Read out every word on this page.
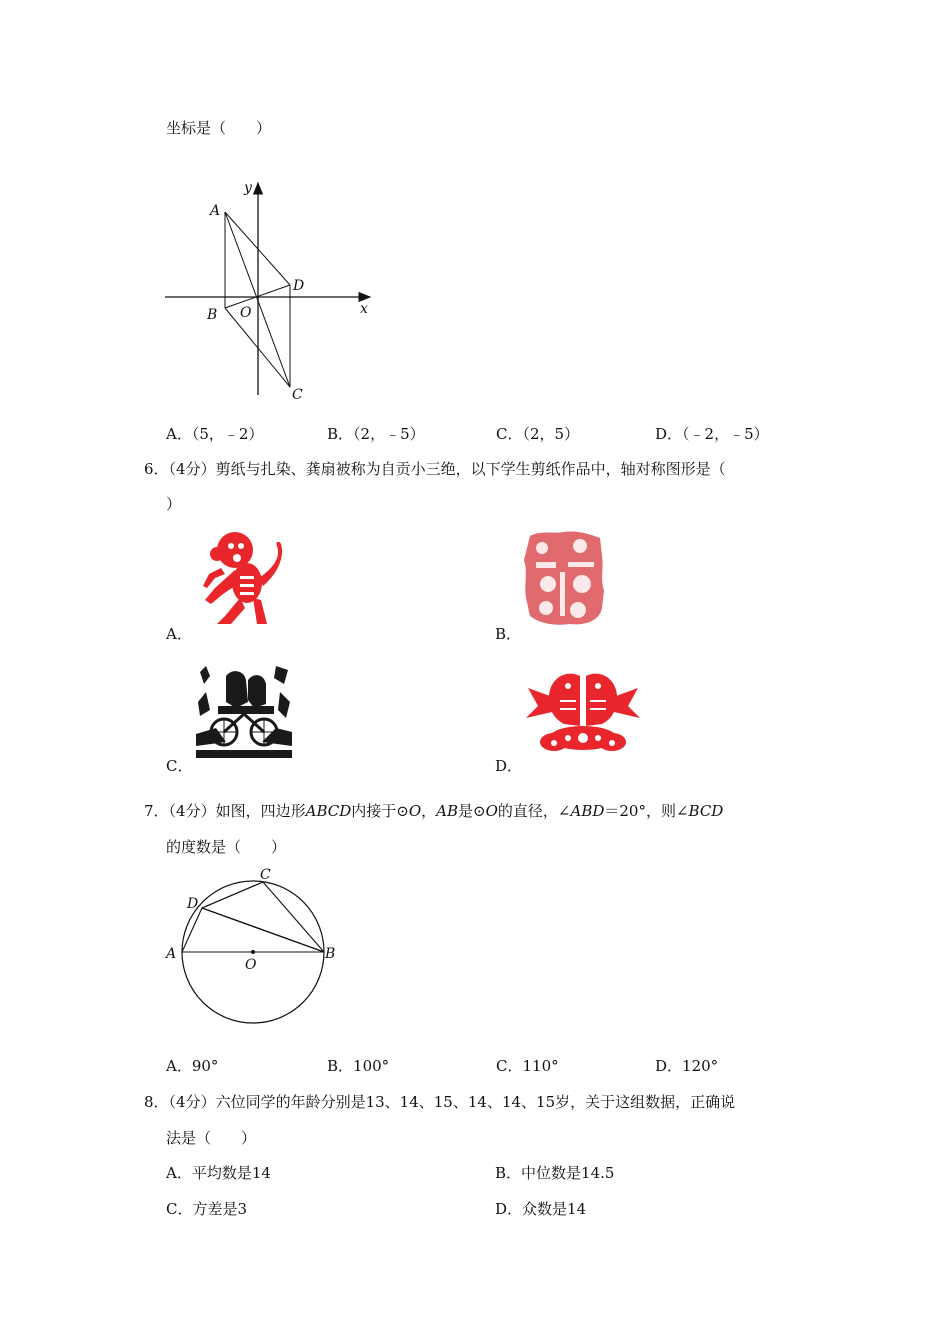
坐标是（　　）
y
x
A
B O
D
C
A．（5，﹣2）	B．（2，﹣5）	C．（2，5）	D．（﹣2，﹣5）
6．（4分）剪纸与扎染、龚扇被称为自贡小三绝，以下学生剪纸作品中，轴对称图形是（
）
A．	B．
C．	D．
7．（4分）如图，四边形ABCD内接于⊙O，AB是⊙O的直径，∠ABD＝20°，则∠BCD
的度数是（　　）
A	B
C
D
O
A．90°	B．100°	C．110°	D．120°
8．（4分）六位同学的年龄分别是13、14、15、14、14、15岁，关于这组数据，正确说
法是（　　）
A．平均数是14	B．中位数是14.5
C．方差是3	D．众数是14
